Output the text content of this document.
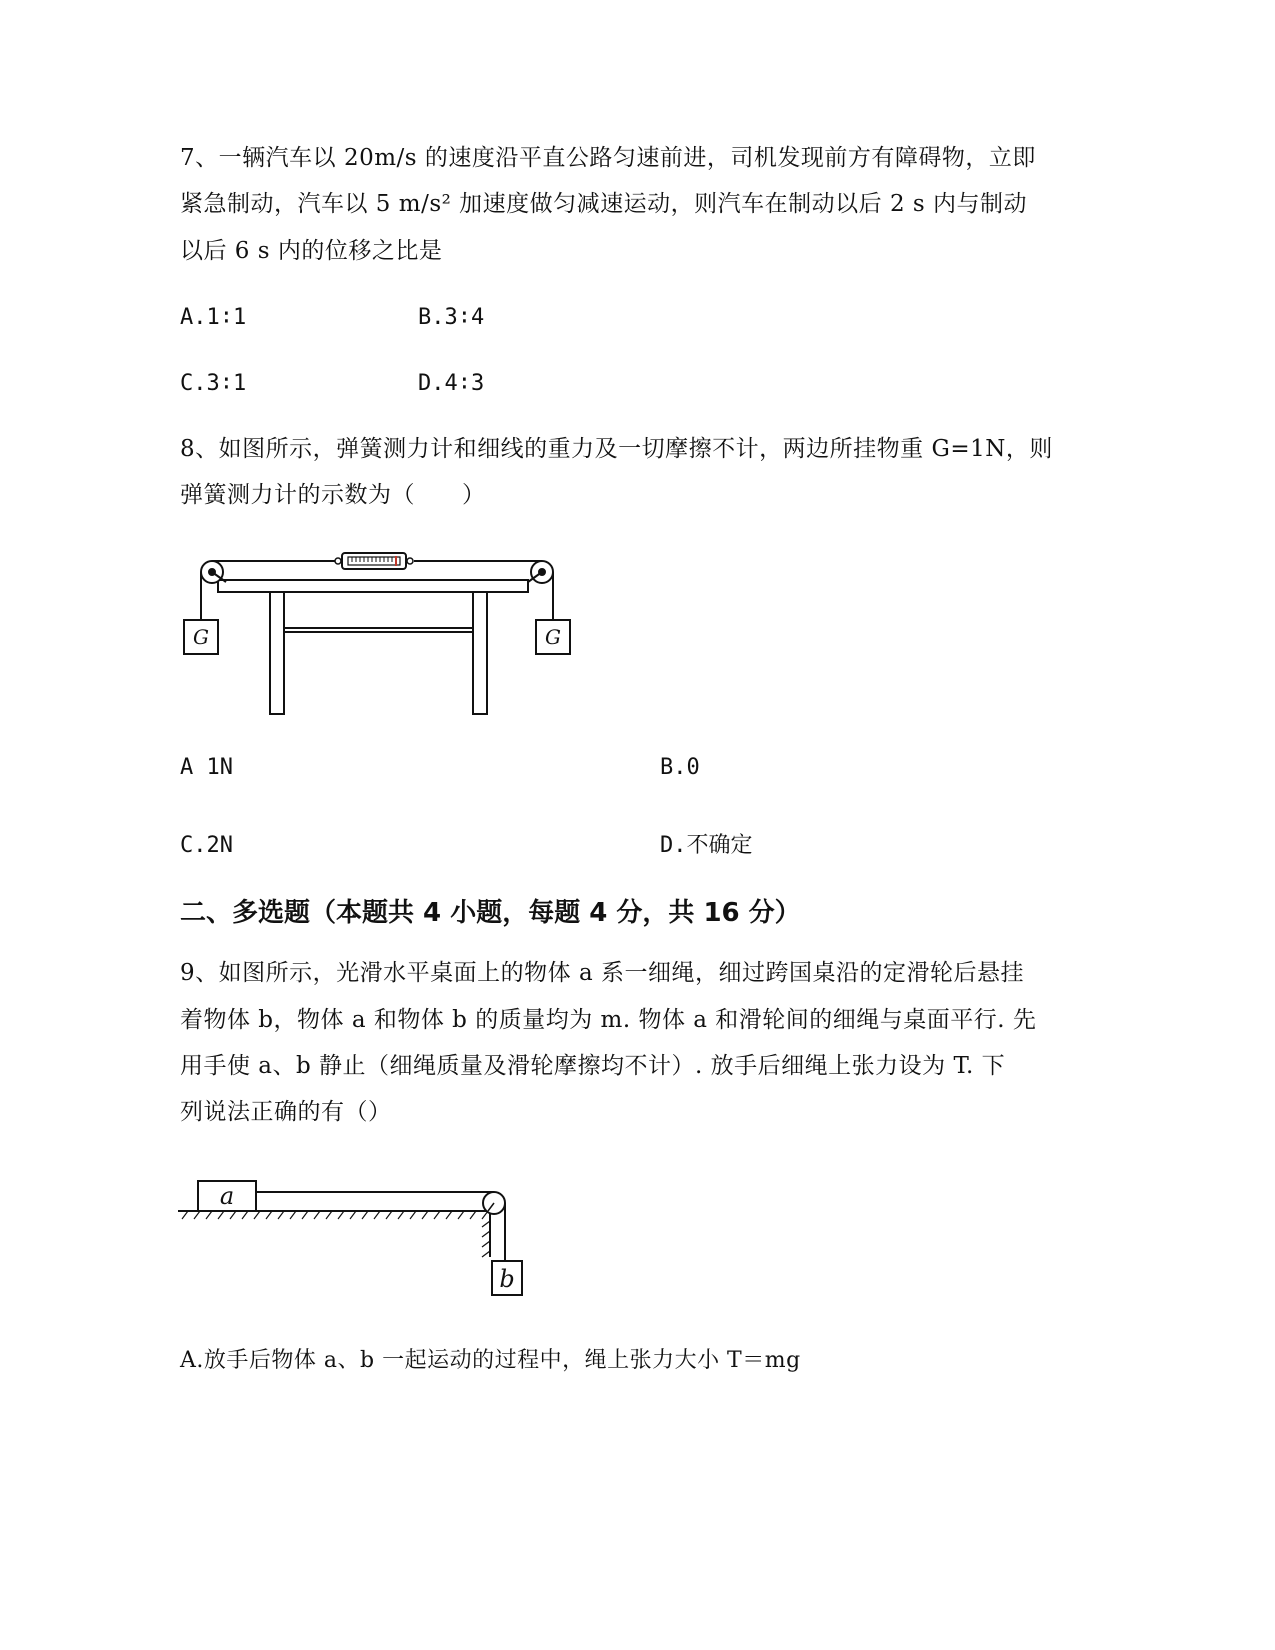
7、一辆汽车以 20m/s 的速度沿平直公路匀速前进，司机发现前方有障碍物，立即
紧急制动，汽车以 5 m/s² 加速度做匀减速运动，则汽车在制动以后 2 s 内与制动
以后 6 s 内的位移之比是
A.1∶1	B.3∶4
C.3∶1	D.4∶3
8、如图所示，弹簧测力计和细线的重力及一切摩擦不计，两边所挂物重 G=1N，则
弹簧测力计的示数为（　　）
G	G
A 1N	B.0
C.2N	D.不确定
二、多选题（本题共 4 小题，每题 4 分，共 16 分）
9、如图所示，光滑水平桌面上的物体 a 系一细绳，细过跨国桌沿的定滑轮后悬挂
着物体 b，物体 a 和物体 b 的质量均为 m. 物体 a 和滑轮间的细绳与桌面平行. 先
用手使 a、b 静止（细绳质量及滑轮摩擦均不计）. 放手后细绳上张力设为 T. 下
列说法正确的有（）
a
b
A.放手后物体 a、b 一起运动的过程中，绳上张力大小 T＝mg
